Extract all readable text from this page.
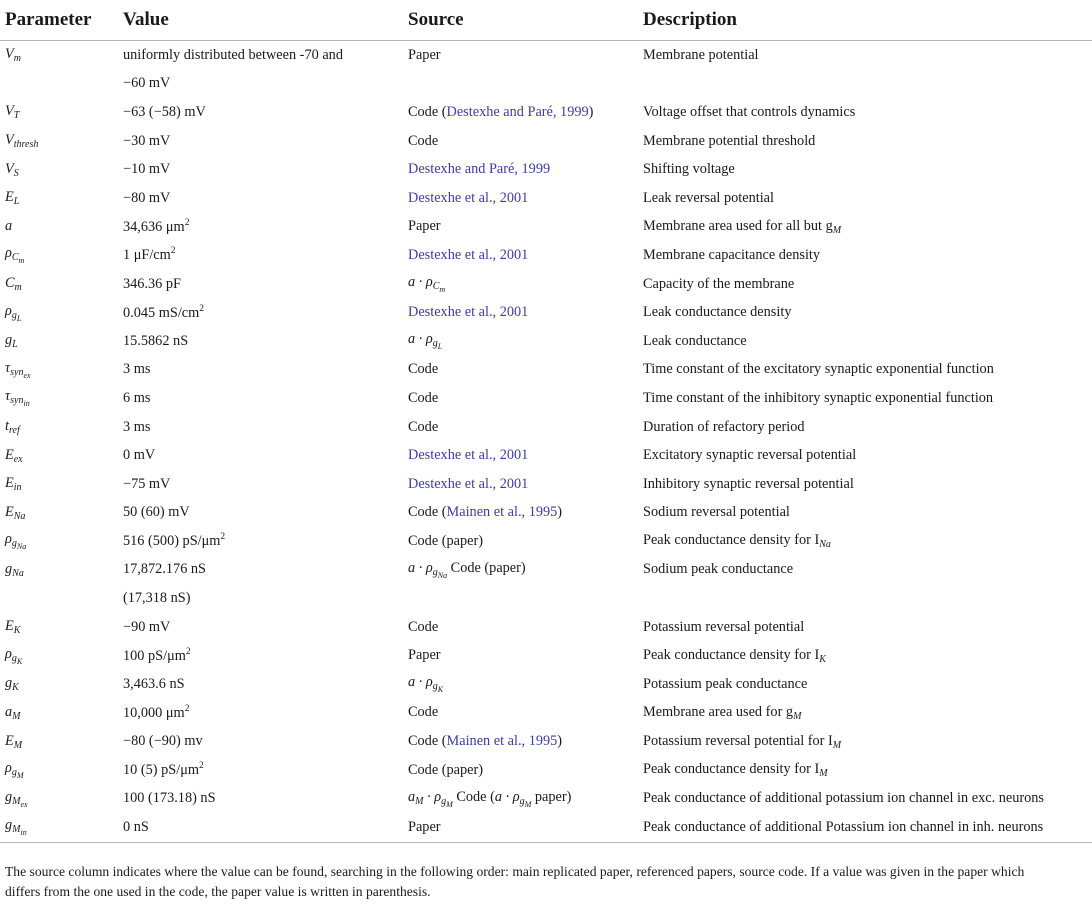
Parameter	Value	Source	Description
$V_m$	uniformly distributed between -70 and	Paper	Membrane potential
	−60 mV		
$V_T$	−63 (−58) mV	Code (Destexhe and Paré, 1999)	Voltage offset that controls dynamics
$V_{thresh}$	−30 mV	Code	Membrane potential threshold
$V_S$	−10 mV	Destexhe and Paré, 1999	Shifting voltage
$E_L$	−80 mV	Destexhe et al., 2001	Leak reversal potential
a	34,636 $\mu m^2$	Paper	Membrane area used for all but $g_M$
$\rho_{C_m}$	1 $\mu F/cm^2$	Destexhe et al., 2001	Membrane capacitance density
$C_m$	346.36 pF	$a \cdot \rho_{C_m}$	Capacity of the membrane
$\rho_{g_L}$	0.045 $mS/cm^2$	Destexhe et al., 2001	Leak conductance density
$g_L$	15.5862 nS	$a \cdot \rho_{g_L}$	Leak conductance
$\tau_{syn_{ex}}$	3 ms	Code	Time constant of the excitatory synaptic exponential function
$\tau_{syn_{in}}$	6 ms	Code	Time constant of the inhibitory synaptic exponential function
$t_{ref}$	3 ms	Code	Duration of refactory period
$E_{ex}$	0 mV	Destexhe et al., 2001	Excitatory synaptic reversal potential
$E_{in}$	−75 mV	Destexhe et al., 2001	Inhibitory synaptic reversal potential
$E_{Na}$	50 (60) mV	Code (Mainen et al., 1995)	Sodium reversal potential
$\rho_{g_{Na}}$	516 (500) $pS/\mu m^2$	Code (paper)	Peak conductance density for $I_{Na}$
$g_{Na}$	17,872.176 nS	$a \cdot \rho_{g_{Na}}$ Code (paper)	Sodium peak conductance
	(17,318 nS)		
$E_K$	−90 mV	Code	Potassium reversal potential
$\rho_{g_K}$	100 $pS/\mu m^2$	Paper	Peak conductance density for $I_K$
$g_K$	3,463.6 nS	$a \cdot \rho_{g_K}$	Potassium peak conductance
$a_M$	10,000 $\mu m^2$	Code	Membrane area used for $g_M$
$E_M$	−80 (−90) mv	Code (Mainen et al., 1995)	Potassium reversal potential for $I_M$
$\rho_{g_M}$	10 (5) $pS/\mu m^2$	Code (paper)	Peak conductance density for $I_M$
$g_{M_{ex}}$	100 (173.18) nS	$a_M \cdot \rho_{g_M}$ Code ($a \cdot \rho_{g_M}$ paper)	Peak conductance of additional potassium ion channel in exc. neurons
$g_{M_{in}}$	0 nS	Paper	Peak conductance of additional Potassium ion channel in inh. neurons
The source column indicates where the value can be found, searching in the following order: main replicated paper, referenced papers, source code. If a value was given in the paper which
differs from the one used in the code, the paper value is written in parenthesis.
